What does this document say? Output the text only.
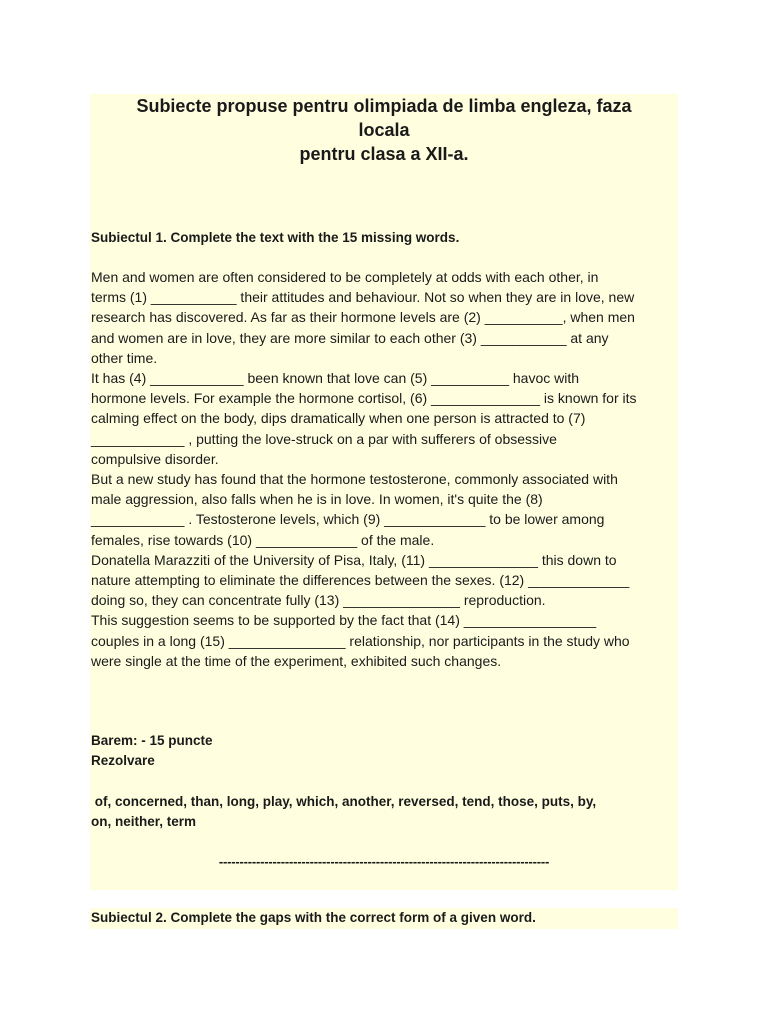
Subiecte propuse pentru olimpiada de limba engleza, faza
locala
pentru clasa a XII-a.

Subiectul 1. Complete the text with the 15 missing words.

Men and women are often considered to be completely at odds with each other, in
terms (1) ___________ their attitudes and behaviour. Not so when they are in love, new
research has discovered. As far as their hormone levels are (2) __________, when men
and women are in love, they are more similar to each other (3) ___________ at any
other time.
It has (4) ____________ been known that love can (5) __________ havoc with
hormone levels. For example the hormone cortisol, (6) ______________ is known for its
calming effect on the body, dips dramatically when one person is attracted to (7)
____________ , putting the love-struck on a par with sufferers of obsessive
compulsive disorder.
But a new study has found that the hormone testosterone, commonly associated with
male aggression, also falls when he is in love. In women, it's quite the (8)
____________ . Testosterone levels, which (9) _____________ to be lower among
females, rise towards (10) _____________ of the male.
Donatella Marazziti of the University of Pisa, Italy, (11) ______________ this down to
nature attempting to eliminate the differences between the sexes. (12) _____________
doing so, they can concentrate fully (13) _______________ reproduction.
This suggestion seems to be supported by the fact that (14) _________________
couples in a long (15) _______________ relationship, nor participants in the study who
were single at the time of the experiment, exhibited such changes.

Barem: - 15 puncte

Rezolvare

of, concerned, than, long, play, which, another, reversed, tend, those, puts, by,
on, neither, term

--------------------------------------------------------------------------------

Subiectul 2. Complete the gaps with the correct form of a given word.
